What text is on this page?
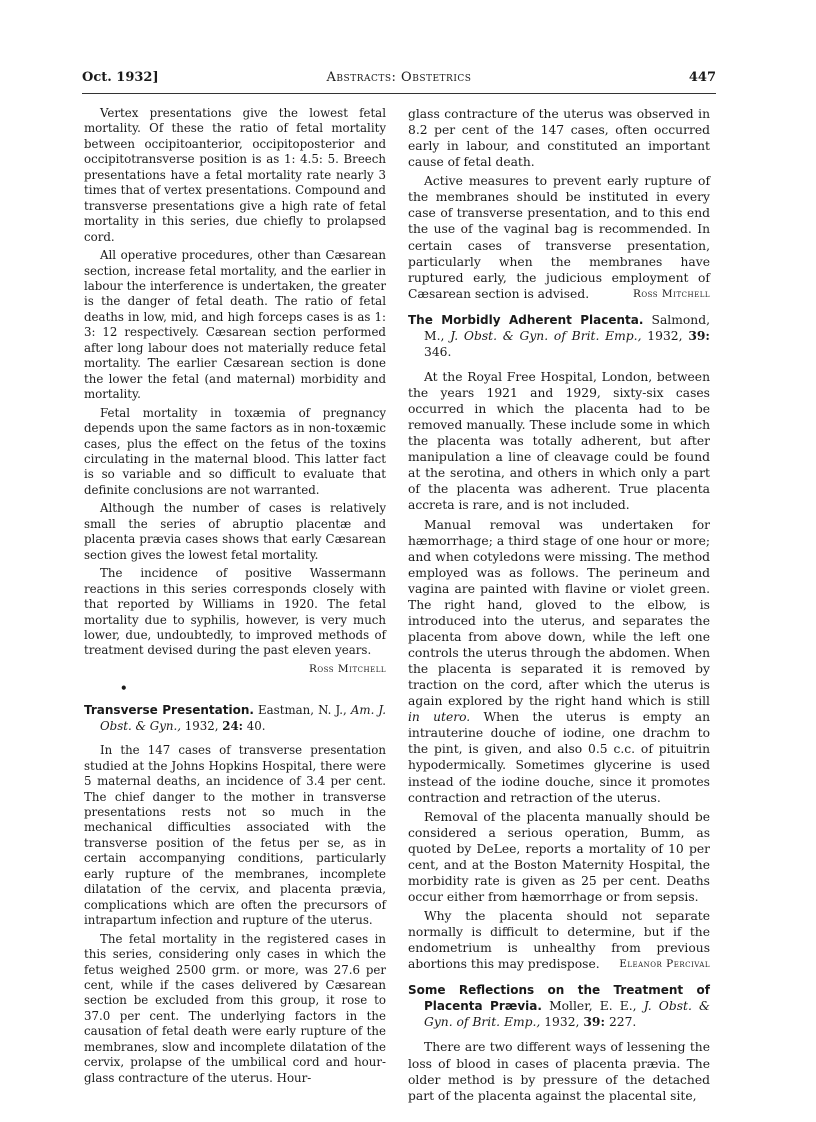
Oct. 1932]	Abstracts: Obstetrics	447

Vertex presentations give the lowest fetal mortality. Of these the ratio of fetal mortality between occipitoanterior, occipitoposterior and occipitotransverse position is as 1: 4.5: 5. Breech presentations have a fetal mortality rate nearly 3 times that of vertex presentations. Compound and transverse presentations give a high rate of fetal mortality in this series, due chiefly to prolapsed cord.

All operative procedures, other than Cæsarean section, increase fetal mortality, and the earlier in labour the interference is undertaken, the greater is the danger of fetal death. The ratio of fetal deaths in low, mid, and high forceps cases is as 1: 3: 12 respectively. Cæsarean section performed after long labour does not materially reduce fetal mortality. The earlier Cæsarean section is done the lower the fetal (and maternal) morbidity and mortality.

Fetal mortality in toxæmia of pregnancy depends upon the same factors as in non-toxæmic cases, plus the effect on the fetus of the toxins circulating in the maternal blood. This latter fact is so variable and so difficult to evaluate that definite conclusions are not warranted.

Although the number of cases is relatively small the series of abruptio placentæ and placenta prævia cases shows that early Cæsarean section gives the lowest fetal mortality.

The incidence of positive Wassermann reactions in this series corresponds closely with that reported by Williams in 1920. The fetal mortality due to syphilis, however, is very much lower, due, undoubtedly, to improved methods of treatment devised during the past eleven years.

Ross Mitchell
•
Transverse Presentation. Eastman, N. J., Am. J. Obst. & Gyn., 1932, 24: 40.

In the 147 cases of transverse presentation studied at the Johns Hopkins Hospital, there were 5 maternal deaths, an incidence of 3.4 per cent. The chief danger to the mother in transverse presentations rests not so much in the mechanical difficulties associated with the transverse position of the fetus per se, as in certain accompanying conditions, particularly early rupture of the membranes, incomplete dilatation of the cervix, and placenta prævia, complications which are often the precursors of intrapartum infection and rupture of the uterus.

The fetal mortality in the registered cases in this series, considering only cases in which the fetus weighed 2500 grm. or more, was 27.6 per cent, while if the cases delivered by Cæsarean section be excluded from this group, it rose to 37.0 per cent. The underlying factors in the causation of fetal death were early rupture of the membranes, slow and incomplete dilatation of the cervix, prolapse of the umbilical cord and hour-glass contracture of the uterus. Hour-

glass contracture of the uterus was observed in 8.2 per cent of the 147 cases, often occurred early in labour, and constituted an important cause of fetal death.

Active measures to prevent early rupture of the membranes should be instituted in every case of transverse presentation, and to this end the use of the vaginal bag is recommended. In certain cases of transverse presentation, particularly when the membranes have ruptured early, the judicious employment of Cæsarean section is advised.	Ross Mitchell

The Morbidly Adherent Placenta. Salmond, M., J. Obst. & Gyn. of Brit. Emp., 1932, 39: 346.

At the Royal Free Hospital, London, between the years 1921 and 1929, sixty-six cases occurred in which the placenta had to be removed manually. These include some in which the placenta was totally adherent, but after manipulation a line of cleavage could be found at the serotina, and others in which only a part of the placenta was adherent. True placenta accreta is rare, and is not included.

Manual removal was undertaken for hæmorrhage; a third stage of one hour or more; and when cotyledons were missing. The method employed was as follows. The perineum and vagina are painted with flavine or violet green. The right hand, gloved to the elbow, is introduced into the uterus, and separates the placenta from above down, while the left one controls the uterus through the abdomen. When the placenta is separated it is removed by traction on the cord, after which the uterus is again explored by the right hand which is still in utero. When the uterus is empty an intrauterine douche of iodine, one drachm to the pint, is given, and also 0.5 c.c. of pituitrin hypodermically. Sometimes glycerine is used instead of the iodine douche, since it promotes contraction and retraction of the uterus.

Removal of the placenta manually should be considered a serious operation, Bumm, as quoted by DeLee, reports a mortality of 10 per cent, and at the Boston Maternity Hospital, the morbidity rate is given as 25 per cent. Deaths occur either from hæmorrhage or from sepsis.

Why the placenta should not separate normally is difficult to determine, but if the endometrium is unhealthy from previous abortions this may predispose.	Eleanor Percival

Some Reflections on the Treatment of Placenta Prævia. Moller, E. E., J. Obst. & Gyn. of Brit. Emp., 1932, 39: 227.

There are two different ways of lessening the loss of blood in cases of placenta prævia. The older method is by pressure of the detached part of the placenta against the placental site,
